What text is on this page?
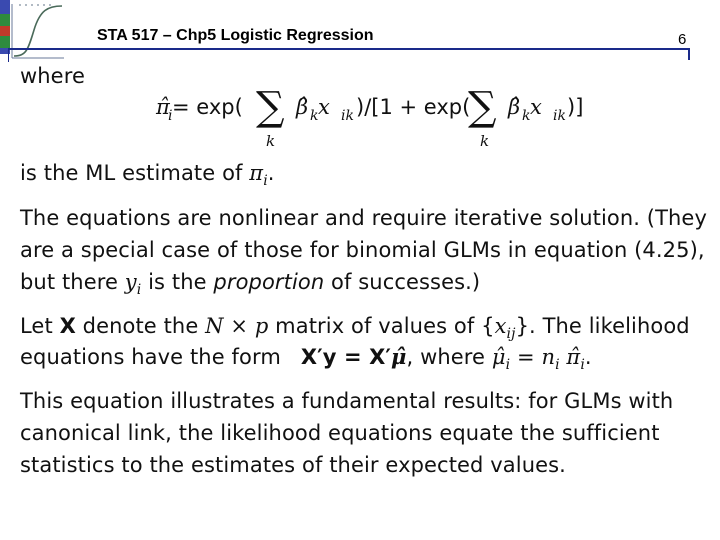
STA 517 – Chp5 Logistic Regression	6
where
π̂
i = exp( ∑
k
β̂ k x ik )/[1 + exp(
∑
k
β̂ k x ik )]
is the ML estimate of $\pi_i$.
The equations are nonlinear and require iterative solution. (They
are a special case of those for binomial GLMs in equation (4.25),
but there $y_i$ is the proportion of successes.)
Let X denote the N × p matrix of values of $\{x_{ij}\}$. The likelihood
equations have the form X′y = X′μ̂, where $\mû_i = n_i$ $\pî_i$.
This equation illustrates a fundamental results: for GLMs with
canonical link, the likelihood equations equate the sufficient
statistics to the estimates of their expected values.
